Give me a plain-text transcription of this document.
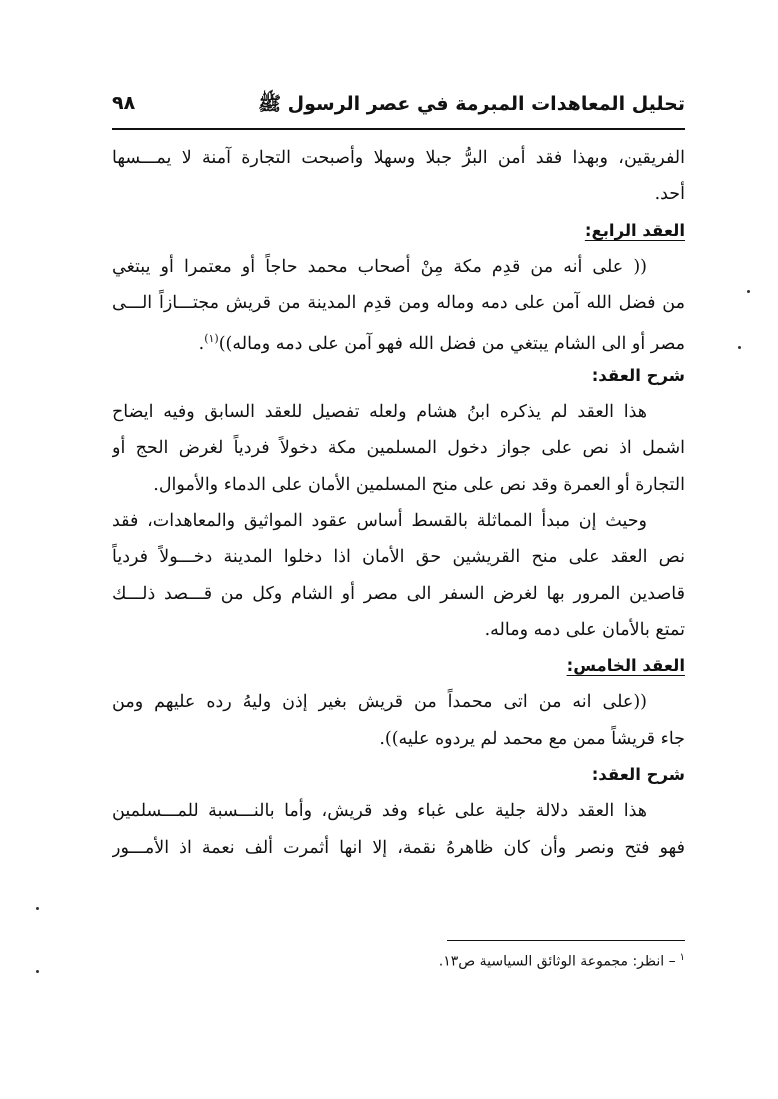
تحليل المعاهدات المبرمة في عصر الرسول ﷺ
٩٨
الفريقين، وبهذا فقد أمن البرُّ جبلا وسهلا وأصبحت التجارة آمنة لا يمـــسها
أحد.
العقد الرابع:
(( على أنه من قدِم مكة مِنْ أصحاب محمد حاجاً أو معتمرا أو يبتغي
من فضل الله آمن على دمه وماله ومن قدِم المدينة من قريش مجتـــازاً الـــى
مصر أو الى الشام يبتغي من فضل الله فهو آمن على دمه وماله))$^{(١)}$.
شرح العقد:
هذا العقد لم يذكره ابنُ هشام ولعله تفصيل للعقد السابق وفيه ايضاح
اشمل اذ نص على جواز دخول المسلمين مكة دخولاً فردياً لغرض الحج أو
التجارة أو العمرة وقد نص على منح المسلمين الأمان على الدماء والأموال.
وحيث إن مبدأ المماثلة بالقسط أساس عقود المواثيق والمعاهدات، فقد
نص العقد على منح القريشين حق الأمان اذا دخلوا المدينة دخـــولاً فردياً
قاصدين المرور بها لغرض السفر الى مصر أو الشام وكل من قـــصد ذلـــك
تمتع بالأمان على دمه وماله.
العقد الخامس:
((على انه من اتى محمداً من قريش بغير إذن وليهُ رده عليهم ومن
جاء قريشاً ممن مع محمد لم يردوه عليه)).
شرح العقد:
هذا العقد دلالة جلية على غباء وفد قريش، وأما بالنـــسبة للمـــسلمين
فهو فتح ونصر وأن كان ظاهرهُ نقمة، إلا انها أثمرت ألف نعمة اذ الأمـــور
$^١$– انظر: مجموعة الوثائق السياسية ص١٣.
